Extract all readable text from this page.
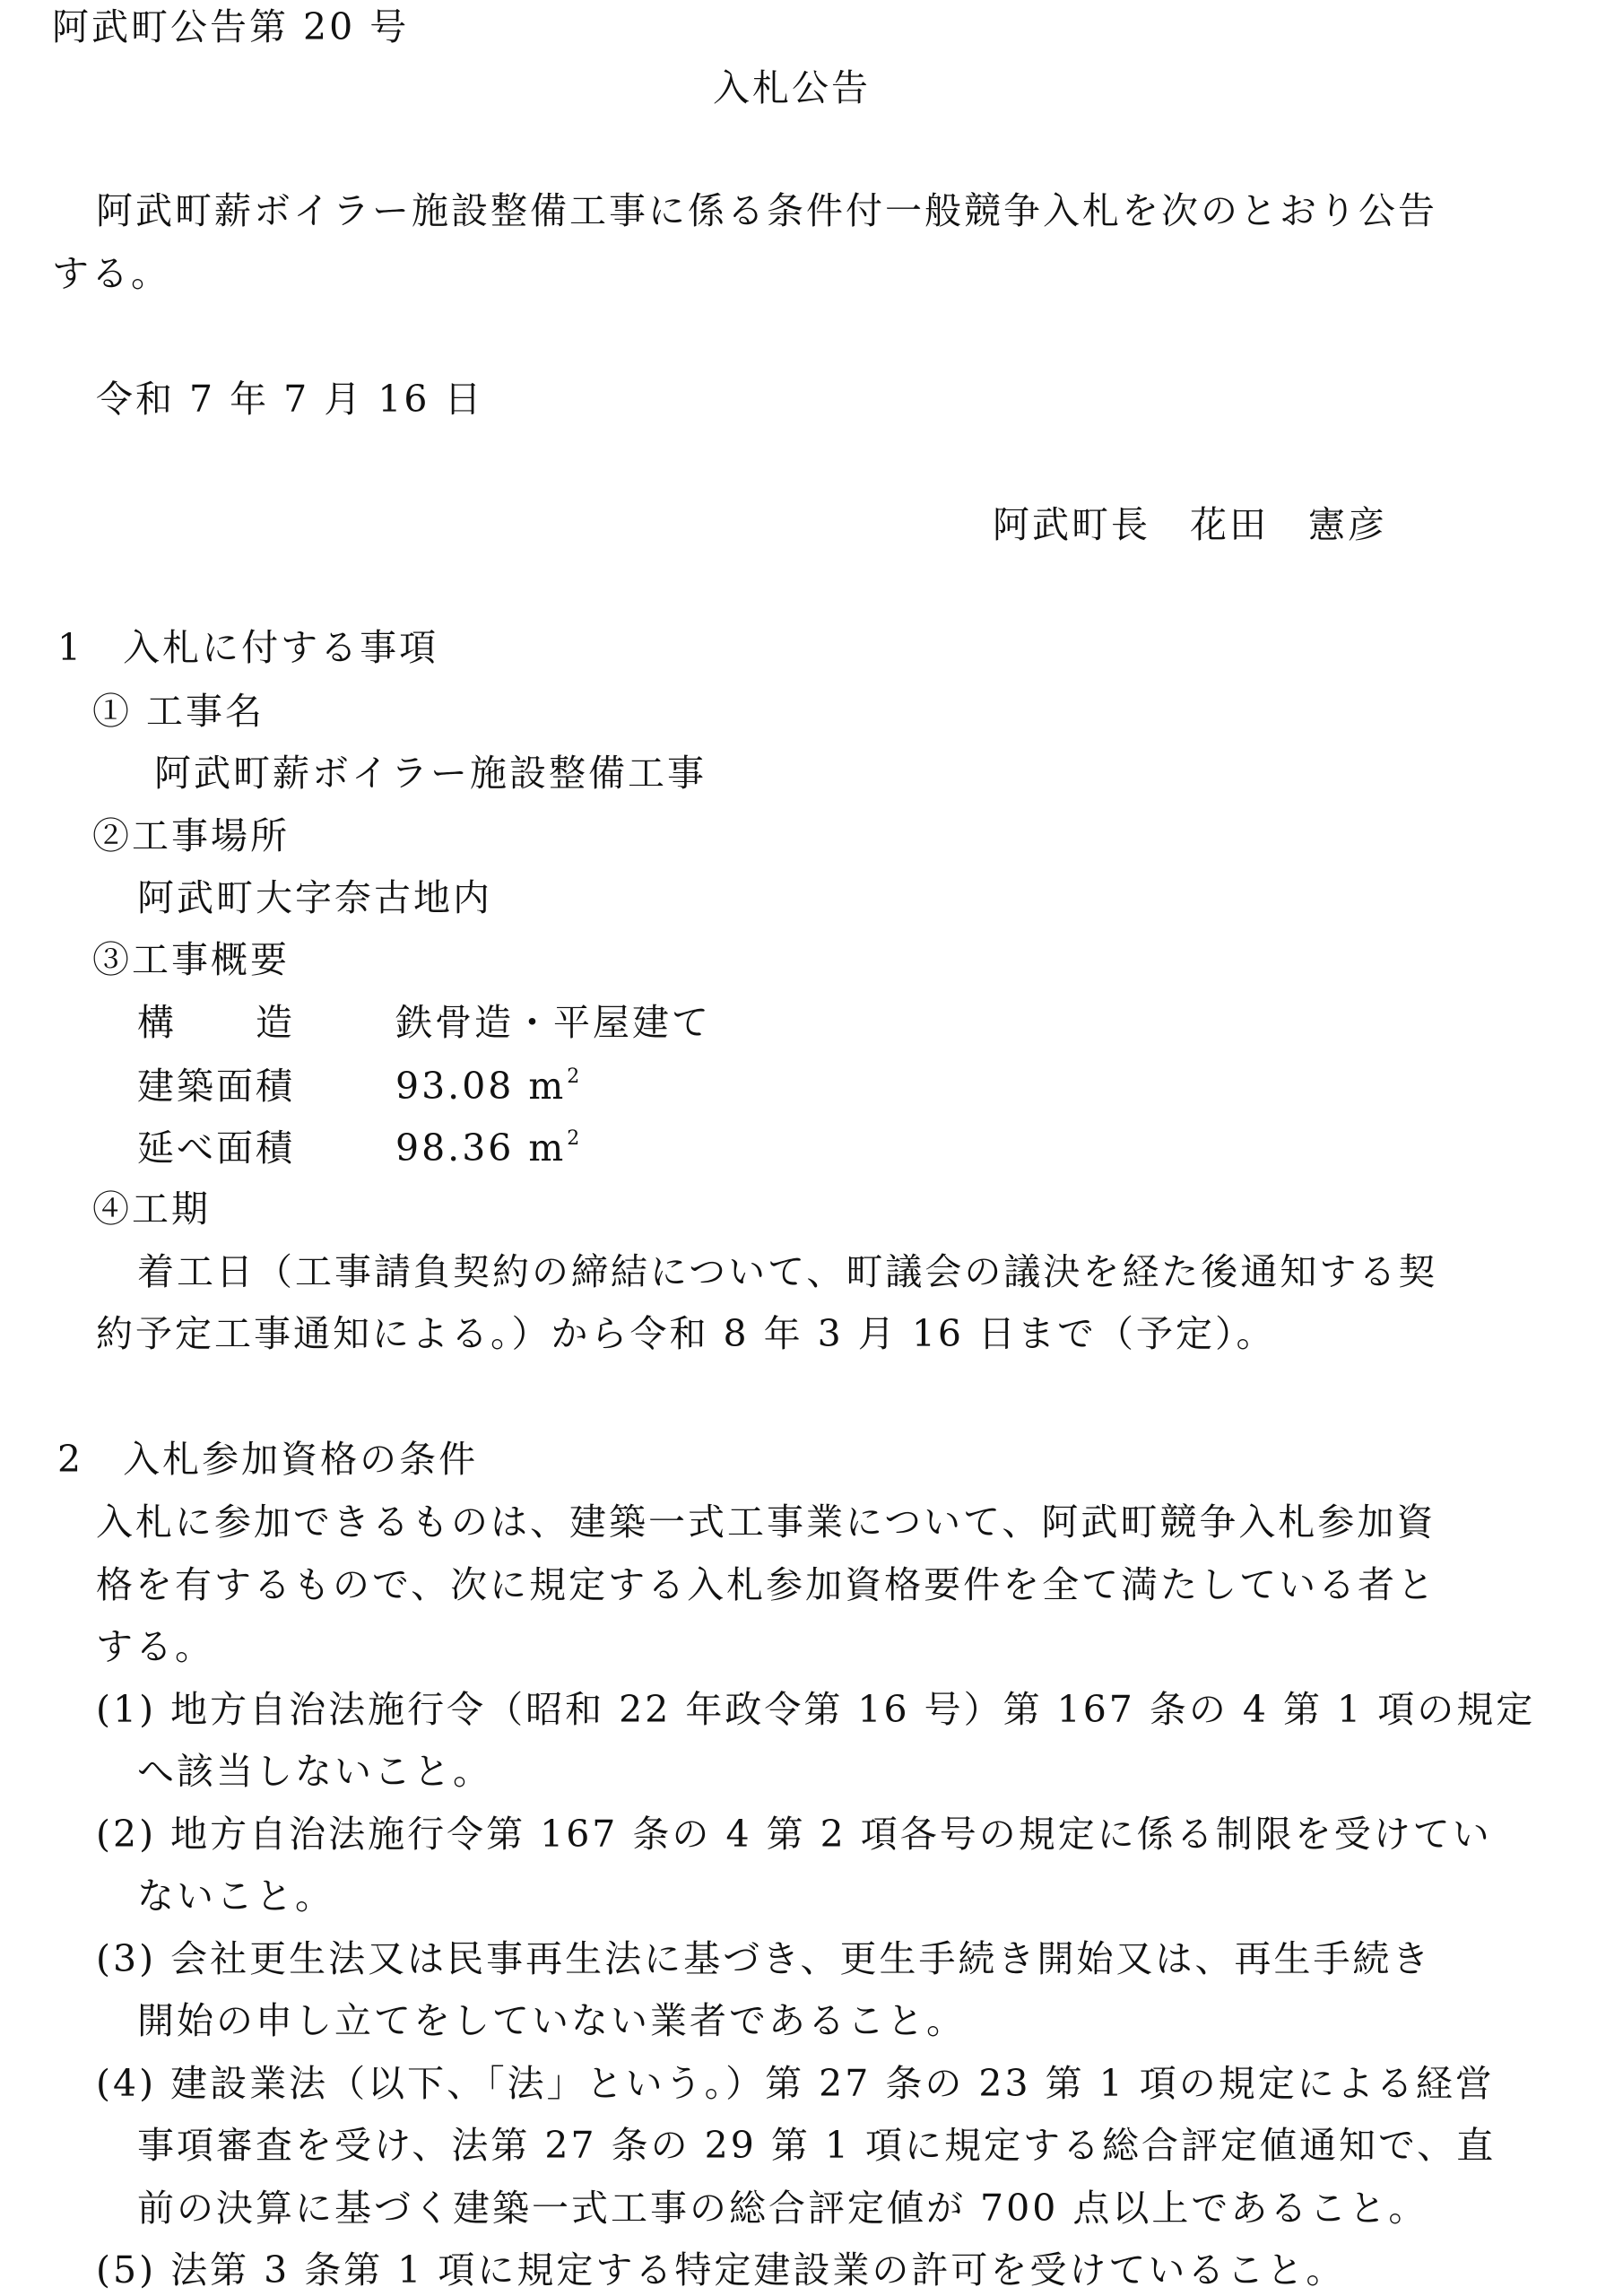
阿武町公告第 20 号
入札公告
阿武町薪ボイラー施設整備工事に係る条件付一般競争入札を次のとおり公告
する。
令和 7 年 7 月 16 日
阿武町長　花田　憲彦
1　入札に付する事項
① 工事名
阿武町薪ボイラー施設整備工事
②工事場所
阿武町大字奈古地内
③工事概要
構　　造	鉄骨造・平屋建て
建築面積	93.08 $m^2$
延べ面積	98.36 $m^2$
④工期
着工日（工事請負契約の締結について、町議会の議決を経た後通知する契
約予定工事通知による。）から令和 8 年 3 月 16 日まで（予定）。
2　入札参加資格の条件
入札に参加できるものは、建築一式工事業について、阿武町競争入札参加資
格を有するもので、次に規定する入札参加資格要件を全て満たしている者と
する。
(1) 地方自治法施行令（昭和 22 年政令第 16 号）第 167 条の 4 第 1 項の規定
へ該当しないこと。
(2) 地方自治法施行令第 167 条の 4 第 2 項各号の規定に係る制限を受けてい
ないこと。
(3) 会社更生法又は民事再生法に基づき、更生手続き開始又は、再生手続き
開始の申し立てをしていない業者であること。
(4) 建設業法（以下、「法」という。）第 27 条の 23 第 1 項の規定による経営
事項審査を受け、法第 27 条の 29 第 1 項に規定する総合評定値通知で、直
前の決算に基づく建築一式工事の総合評定値が 700 点以上であること。
(5) 法第 3 条第 1 項に規定する特定建設業の許可を受けていること。
